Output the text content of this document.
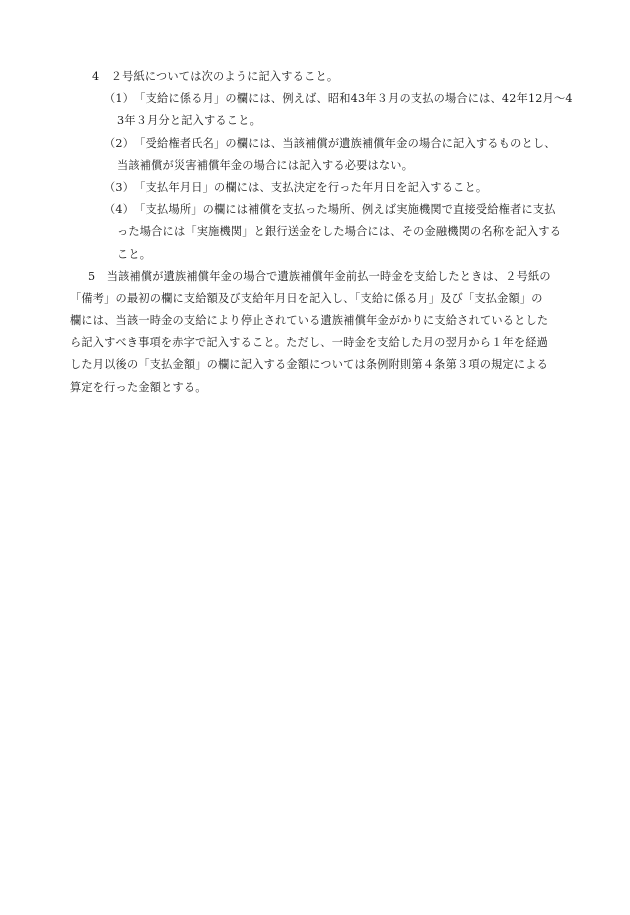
4　２号紙については次のように記入すること。
（1）　「支給に係る月」の欄には、例えば、昭和43年３月の支払の場合には、42年12月～4
3年３月分と記入すること。
（2）　「受給権者氏名」の欄には、当該補償が遺族補償年金の場合に記入するものとし、
当該補償が災害補償年金の場合には記入する必要はない。
（3）　「支払年月日」の欄には、支払決定を行った年月日を記入すること。
（4）　「支払場所」の欄には補償を支払った場所、例えば実施機関で直接受給権者に支払
った場合には「実施機関」と銀行送金をした場合には、その金融機関の名称を記入する
こと。
5　当該補償が遺族補償年金の場合で遺族補償年金前払一時金を支給したときは、２号紙の
「備考」の最初の欄に支給額及び支給年月日を記入し、「支給に係る月」及び「支払金額」の
欄には、当該一時金の支給により停止されている遺族補償年金がかりに支給されているとした
ら記入すべき事項を赤字で記入すること。ただし、一時金を支給した月の翌月から１年を経過
した月以後の「支払金額」の欄に記入する金額については条例附則第４条第３項の規定による
算定を行った金額とする。
